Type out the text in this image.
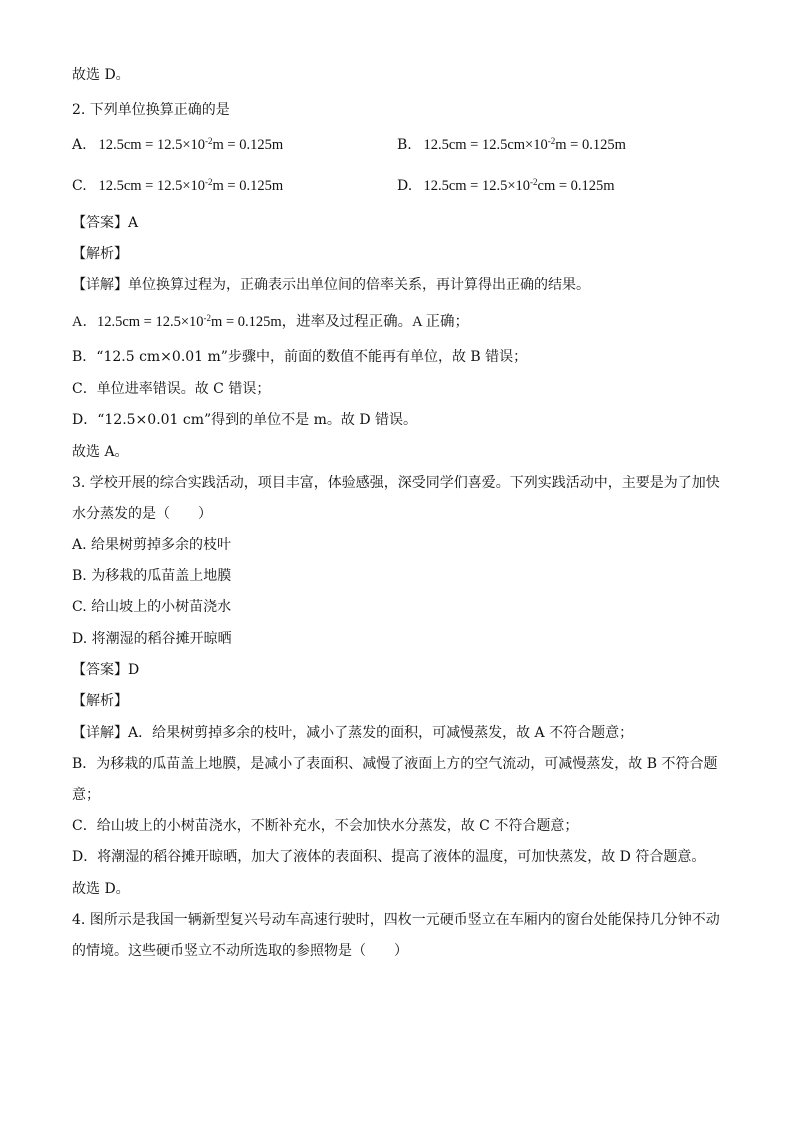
故选 D。
2. 下列单位换算正确的是
A. $12.5cm = 12.5\times 10^{-2}m = 0.125m$	B. $12.5cm = 12.5cm\times 10^{-2}m = 0.125m$
C. $12.5cm = 12.5\times 10^{-2}m = 0.125m$	D. $12.5cm = 12.5\times 10^{-2}cm = 0.125m$
【答案】A
【解析】
【详解】单位换算过程为，正确表示出单位间的倍率关系，再计算得出正确的结果。
A．$12.5cm = 12.5\times 10^{-2}m = 0.125m$，进率及过程正确。A 正确；
B．“12.5 cm×0.01 m”步骤中，前面的数值不能再有单位，故 B 错误；
C．单位进率错误。故 C 错误；
D．“12.5×0.01 cm”得到的单位不是 m。故 D 错误。
故选 A。
3. 学校开展的综合实践活动，项目丰富，体验感强，深受同学们喜爱。下列实践活动中，主要是为了加快
水分蒸发的是（　　）
A. 给果树剪掉多余的枝叶
B. 为移栽的瓜苗盖上地膜
C. 给山坡上的小树苗浇水
D. 将潮湿的稻谷摊开晾晒
【答案】D
【解析】
【详解】A．给果树剪掉多余的枝叶，减小了蒸发的面积，可减慢蒸发，故 A 不符合题意；
B．为移栽的瓜苗盖上地膜，是减小了表面积、减慢了液面上方的空气流动，可减慢蒸发，故 B 不符合题
意；
C．给山坡上的小树苗浇水，不断补充水，不会加快水分蒸发，故 C 不符合题意；
D．将潮湿的稻谷摊开晾晒，加大了液体的表面积、提高了液体的温度，可加快蒸发，故 D 符合题意。
故选 D。
4. 图所示是我国一辆新型复兴号动车高速行驶时，四枚一元硬币竖立在车厢内的窗台处能保持几分钟不动
的情境。这些硬币竖立不动所选取的参照物是（　　）
